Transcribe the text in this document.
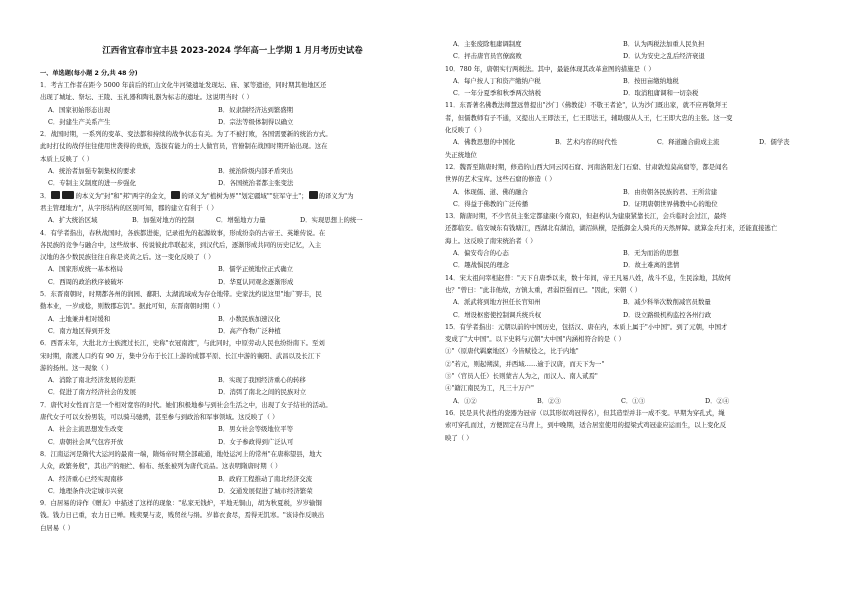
江西省宜春市宜丰县 2023-2024 学年高一上学期 1 月月考历史试卷
一、单选题(每小题 2 分,共 48 分)
1．考古工作者在距今 5000 年前后的红山文化牛河梁遗址发现坛、庙、冢等遗迹，同时期其他地区还
出现了城址、祭坛、王陵、玉礼器和陶礼器为标志的遗址。这说明当时（ ）
A．国家初始形态出现	B．奴隶制经济达到繁盛期
C．封建生产关系产生	D．宗法等级体制得以确立
2．战国时期，一系列的变革、变法都和持续的战争状态有关。为了不被打败，各国需要新的统治方式。
此时打仗的战俘往往使用世袭得的贵族，选拔有能力的士人做官员，官僚制在战国时期开始出现。这在
本质上反映了（ ）
A．统治者加强专制集权的要求	B．统治阶级内部矛盾突出
C．专制主义制度的进一步强化	D．各国统治者都主张变法
3．	的本义为"封"和"邦"两字的金文， 的译义为"植树为界""划定疆域""驻军守土"； 的译义为"为
君主管理地方"，从字形结构的区别可知，郡的建立有利于（ ）
A．扩大统治区域	B．加强对地方的控制	C．增强地方力量	D．实现思想上的统一
4．有学者指出，春秋战国时，各族都进徙，记录祖先的起源故事，形成纷杂的古帝王、英雄传说。在
各民族的竞争与融合中，这些故事、传说彼此串联起来，到汉代后，逐渐形成共同的历史记忆，入主
汉地的各少数民族往往自称是炎黄之后。这一变化反映了（ ）
A．国家形成统一基本格局	B．儒学正统地位正式确立
C．西周的政治秩序被破坏	D．华夏认同观念逐渐形成
5．东晋南朝时，时期都各州的润园、鄱阳、太湖流域成为存仓地带。史家沈约说这里"地广野丰，民
勤本业，一岁或稔，则数郡忘饥"。据此可知，东晋南朝时期（ ）
A．土地兼并相对缓和	B．小数民族加速汉化
C．南方地区得到开发	D．高产作物广泛种植
6．西晋末年，大批北方士族渡过长江，史称"衣冠南渡"，与此同时，中原劳动人民也纷纷南下。至刘
宋时期，南渡人口约有 90 万，集中分布于长江上游的成都平原、长江中游的襄阳、武昌以及长江下
游的扬州。这一现象（ ）
A．消除了南北经济发展的差距	B．实现了我国经济重心的转移
C．促进了南方经济社会的发展	D．消弭了南北之间的民族对立
7．唐代对女性而言是一个相对宽容的时代。她们积极地参与到社会生活之中，出现了女子结社的活动。
唐代女子可以女扮男装，可以骑马驰骋，甚至参与到政治和军事领域。这反映了（ ）
A．社会主流思想发生改变	B．男女社会等级地位平等
C．唐朝社会风气包容开放	D．女子参政得到广泛认可
8．江南运河是隋代大运河的最南一端，隋炀帝时期全部疏通，地处运河上的常州"在唐称望县，地大
人众，政繁务殷"，其出产的细纻、棉布、纸张被列为唐代贡品。这表明隋唐时期（ ）
A．经济重心已经实现南移	B．政府工程推动了南北经济交流
C．地理条件决定城市兴衰	D．交通发展促进了城市经济繁荣
9．白居易的诗作《赠友》中描述了这样的现象："私家无钱炉，平地无铜山，胡为秋夏税，岁岁输铜
钱。钱力日已重，农力日已殚。贱卖粟与麦，贱贸丝与绢。岁暮衣食尽，焉得无饥寒。"该诗作反映出
白居易（ ）
A．主张废除租庸调制度	B．认为两税法加重人民负担
C．抨击唐官员官僚腐败	D．认为安史之乱后经济衰退
10．780 年，唐朝实行两税法。其中，最能体现其改革意图的措施是（ ）
A．每户按人丁和资产缴纳户税	B．按田亩缴纳地税
C．一年分夏季和秋季两次纳税	D．取消租庸调和一切杂税
11．东晋著名佛教法师慧远曾提出"沙门（佛教徒）不敬王者论"，认为沙门既出家，就不应再敬拜王
者，但儒教师有子不通，又提出人王即法王，仁王即法王，辅助服从人王，仁王即大忠的主张。这一变
化反映了（ ）
A．佛教思想的中国化	B．艺术内容的时代性	C．释道融合蔚成主流	D．儒学丧
失正统地位
12．魏晋至隋唐时期，修造的山西大同云冈石窟、河南洛阳龙门石窟、甘肃敦煌莫高窟等，都是闻名
世界的艺术宝库。这些石窟的修造（ ）
A．体现儒、道、佛的融合	B．由贵朝各民族的君、王所营建
C．得益于佛教的广泛传播	D．证明唐朝世界佛教中心的地位
13．隋唐时期，不少官员主张定都建康(今南京)，但赵构认为建康紧靠长江，会兵临时会过江，最终
还都临安。临安城东有钱塘江，西湖北有湖泊，湖沼纵横，是抵御金人骑兵的天然屏障。就算金兵打来，还能直接逃亡
海上。这反映了南宋统治者（ ）
A．偏安苟合的心态	B．无为而治的思想
C．趣战惧民的理念	D．故土难离的悲情
14．宋太祖问宰相赵普："天下自唐季以来，数十年间，帝王凡易八姓，战斗不息，生民涂地，其故何
也？"曾曰："此非他故，方镇太重，君弱臣强而已。"因此，宋朝（ ）
A．派武将到地方担任长官知州	B．减少科举次数削减官员数量
C．增设枢密使控制调兵统兵权	D．设立路级机构监控各州行政
15．有学者指出：元朝以前的中国历史，包括汉、唐在内，本质上属于"小中国"。到了元朝，中国才
变成了"大中国"。以下史料与元朝"大中国"内涵相符合的是（ ）
①"（原唐代羁縻地区）今皆赋役之，比于内地"
②"若元，则起朔漠，并西域……逾于汉唐，而天下为一"
③"（官员人任）长则蒙古人为之，而汉人、南人贰焉"
④"籍江南民为工，凡三十万户"
A．①②	B．②③	C．①③	D．②④
16．民是具代表性的瓷器为冠帝（以其形似鸡冠得名），但其造型并非一成不变。早期为穿孔式，绳
索可穿孔而过，方便固定在马背上，到中晚期，适合居室使用的提梁式鸡冠壶应运而生，以上变化反
映了（ ）
